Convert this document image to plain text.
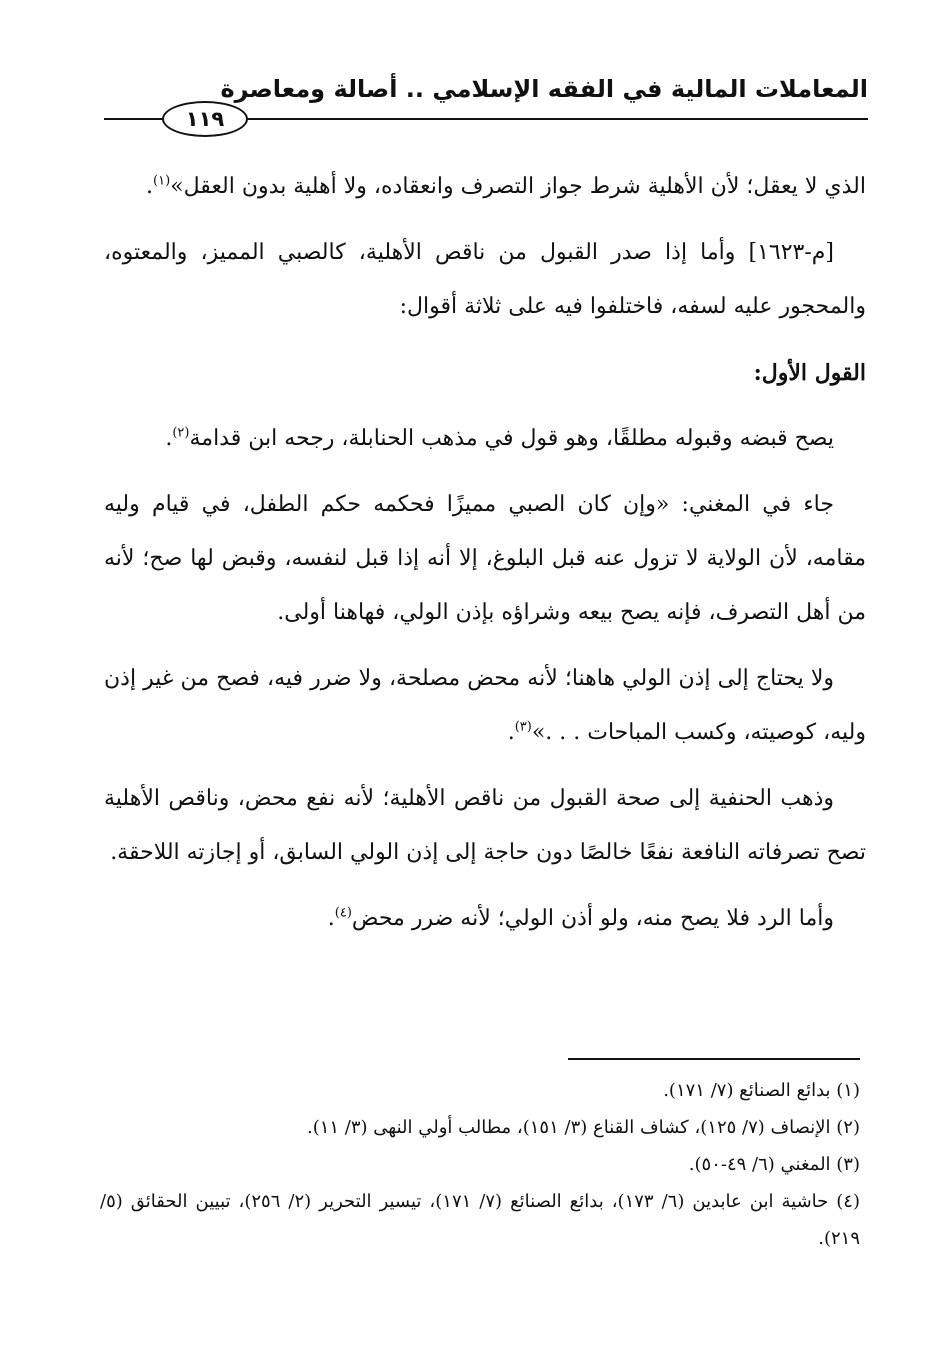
المعاملات المالية في الفقه الإسلامي .. أصالة ومعاصرة
١١٩

الذي لا يعقل؛ لأن الأهلية شرط جواز التصرف وانعقاده، ولا أهلية بدون العقل»$^{(١)}$.

[م-١٦٢٣] وأما إذا صدر القبول من ناقص الأهلية، كالصبي المميز، والمعتوه، والمحجور عليه لسفه، فاختلفوا فيه على ثلاثة أقوال:

القول الأول:

يصح قبضه وقبوله مطلقًا، وهو قول في مذهب الحنابلة، رجحه ابن قدامة$^{(٢)}$.

جاء في المغني: «وإن كان الصبي مميزًا فحكمه حكم الطفل، في قيام وليه مقامه، لأن الولاية لا تزول عنه قبل البلوغ، إلا أنه إذا قبل لنفسه، وقبض لها صح؛ لأنه من أهل التصرف، فإنه يصح بيعه وشراؤه بإذن الولي، فهاهنا أولى.

ولا يحتاج إلى إذن الولي هاهنا؛ لأنه محض مصلحة، ولا ضرر فيه، فصح من غير إذن وليه، كوصيته، وكسب المباحات . . .»$^{(٣)}$.

وذهب الحنفية إلى صحة القبول من ناقص الأهلية؛ لأنه نفع محض، وناقص الأهلية تصح تصرفاته النافعة نفعًا خالصًا دون حاجة إلى إذن الولي السابق، أو إجازته اللاحقة.

وأما الرد فلا يصح منه، ولو أذن الولي؛ لأنه ضرر محض$^{(٤)}$.

(١) بدائع الصنائع (٧/ ١٧١).

(٢) الإنصاف (٧/ ١٢٥)، كشاف القناع (٣/ ١٥١)، مطالب أولي النهى (٣/ ١١).

(٣) المغني (٦/ ٤٩-٥٠).

(٤) حاشية ابن عابدين (٦/ ١٧٣)، بدائع الصنائع (٧/ ١٧١)، تيسير التحرير (٢/ ٢٥٦)، تبيين الحقائق (٥/ ٢١٩).
